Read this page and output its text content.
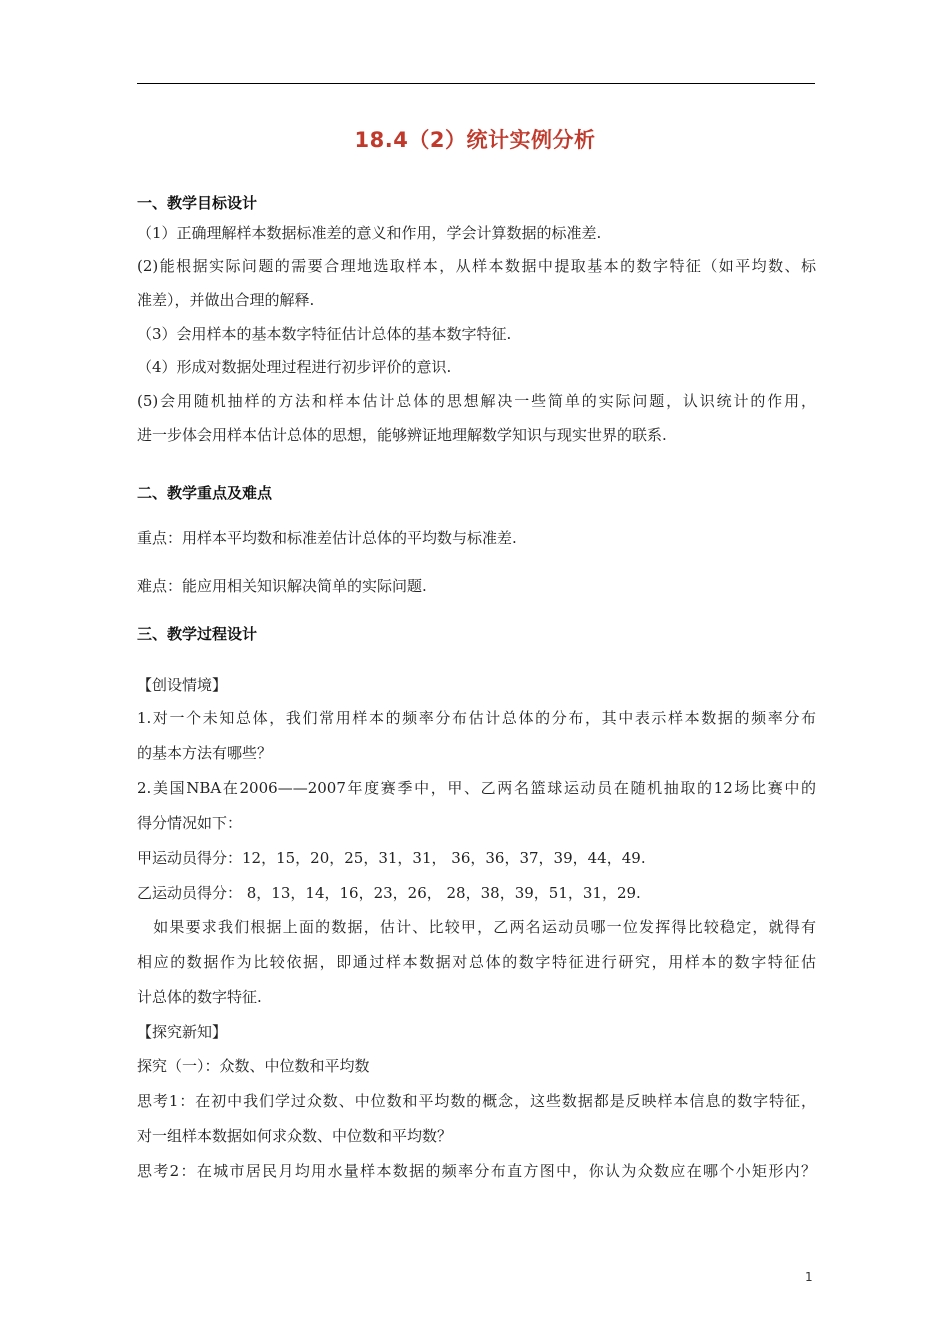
18.4（2）统计实例分析
一、教学目标设计
（1）正确理解样本数据标准差的意义和作用，学会计算数据的标准差.
(2)能根据实际问题的需要合理地选取样本，从样本数据中提取基本的数字特征（如平均数、标
准差），并做出合理的解释.
（3）会用样本的基本数字特征估计总体的基本数字特征.
（4）形成对数据处理过程进行初步评价的意识.
(5)会用随机抽样的方法和样本估计总体的思想解决一些简单的实际问题，认识统计的作用，
进一步体会用样本估计总体的思想，能够辨证地理解数学知识与现实世界的联系.
二、教学重点及难点
重点：用样本平均数和标准差估计总体的平均数与标准差.
难点：能应用相关知识解决简单的实际问题.
三、教学过程设计
【创设情境】
1.对一个未知总体，我们常用样本的频率分布估计总体的分布，其中表示样本数据的频率分布
的基本方法有哪些？
2.美国NBA在2006——2007年度赛季中，甲、乙两名篮球运动员在随机抽取的12场比赛中的
得分情况如下：
甲运动员得分：12，15，20，25，31，31， 36，36，37，39，44，49.
乙运动员得分： 8，13，14，16，23，26， 28，38，39，51，31，29.
　如果要求我们根据上面的数据，估计、比较甲，乙两名运动员哪一位发挥得比较稳定，就得有
相应的数据作为比较依据，即通过样本数据对总体的数字特征进行研究，用样本的数字特征估
计总体的数字特征.
【探究新知】
探究（一）：众数、中位数和平均数
思考1：在初中我们学过众数、中位数和平均数的概念，这些数据都是反映样本信息的数字特征，
对一组样本数据如何求众数、中位数和平均数？
思考2：在城市居民月均用水量样本数据的频率分布直方图中，你认为众数应在哪个小矩形内？
1
